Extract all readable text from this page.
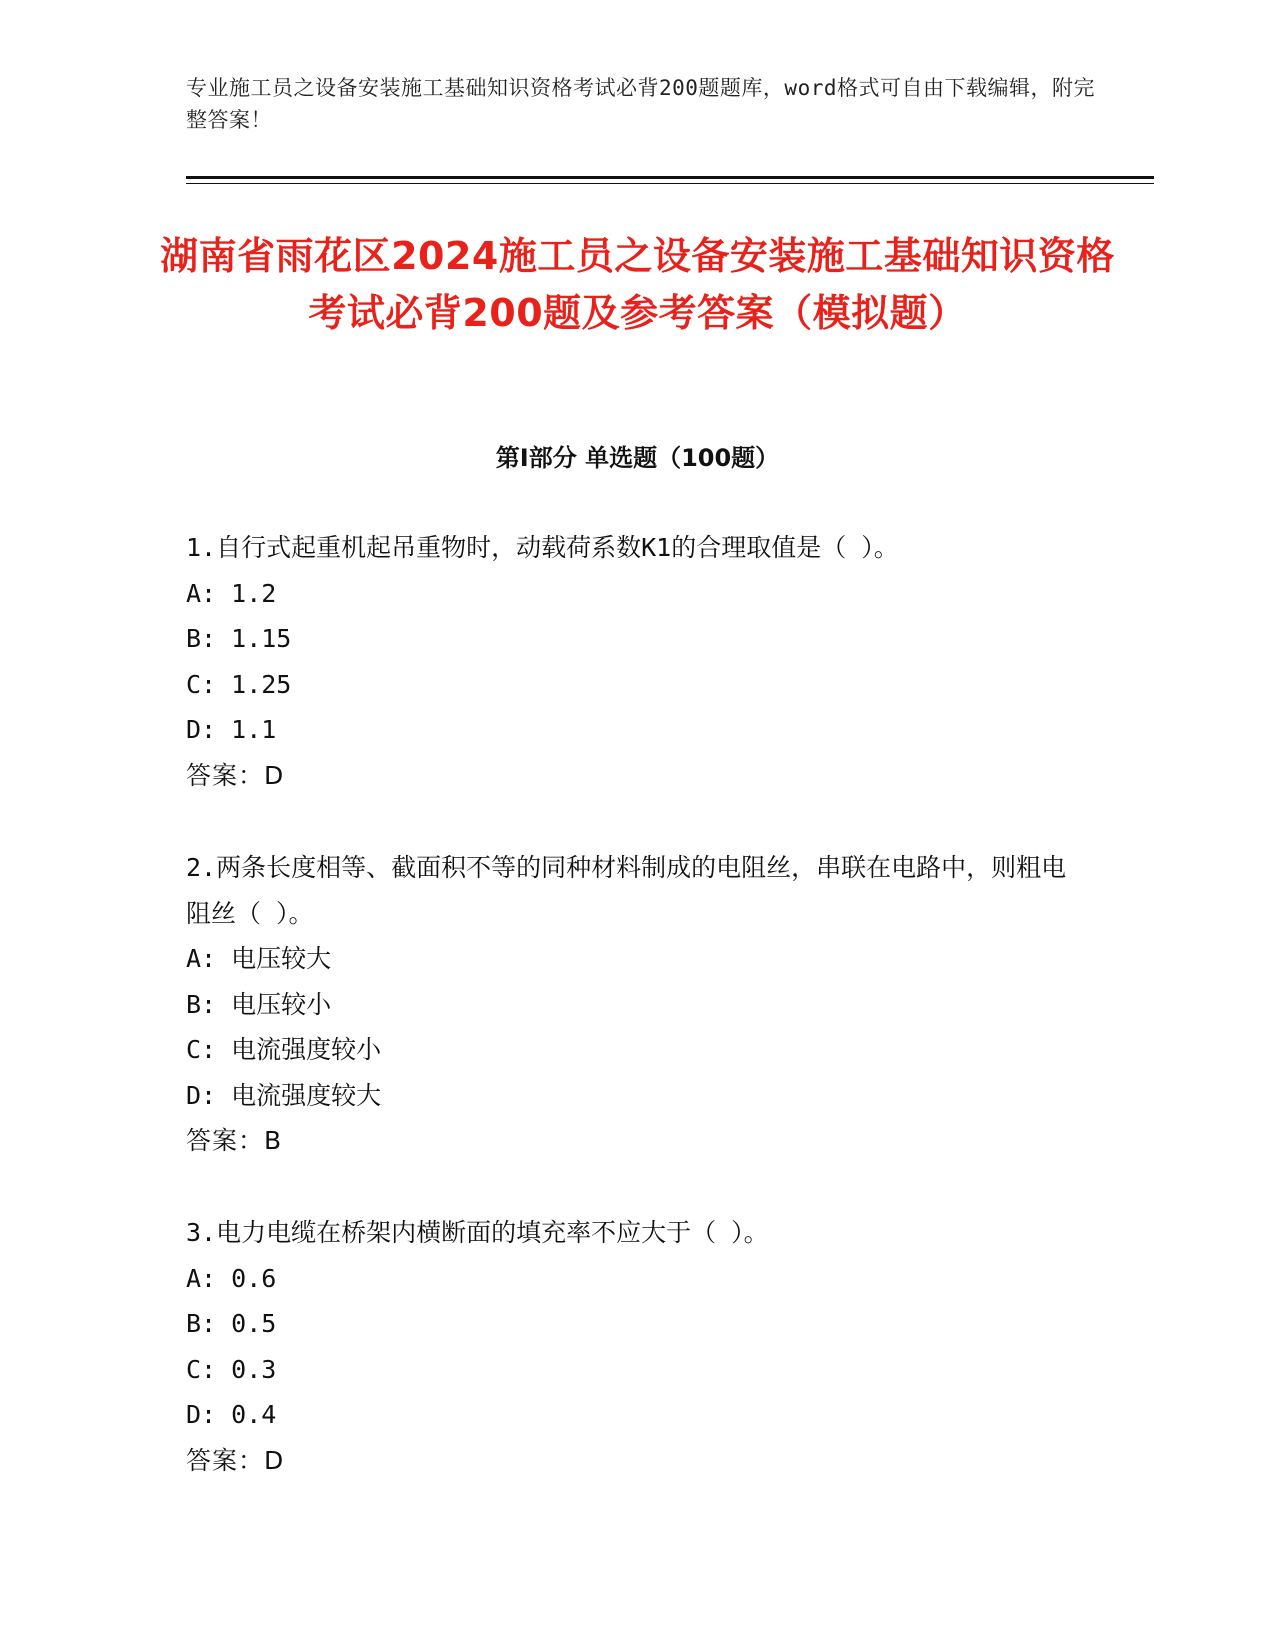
专业施工员之设备安装施工基础知识资格考试必背200题题库，word格式可自由下载编辑，附完整答案！
湖南省雨花区2024施工员之设备安装施工基础知识资格考试必背200题及参考答案（模拟题）
第Ⅰ部分 单选题（100题）
1.自行式起重机起吊重物时，动载荷系数K1的合理取值是（ ）。
A: 1.2
B: 1.15
C: 1.25
D: 1.1
答案：D
2.两条长度相等、截面积不等的同种材料制成的电阻丝，串联在电路中，则粗电阻丝（ ）。
A: 电压较大
B: 电压较小
C: 电流强度较小
D: 电流强度较大
答案：B
3.电力电缆在桥架内横断面的填充率不应大于（ ）。
A: 0.6
B: 0.5
C: 0.3
D: 0.4
答案：D
